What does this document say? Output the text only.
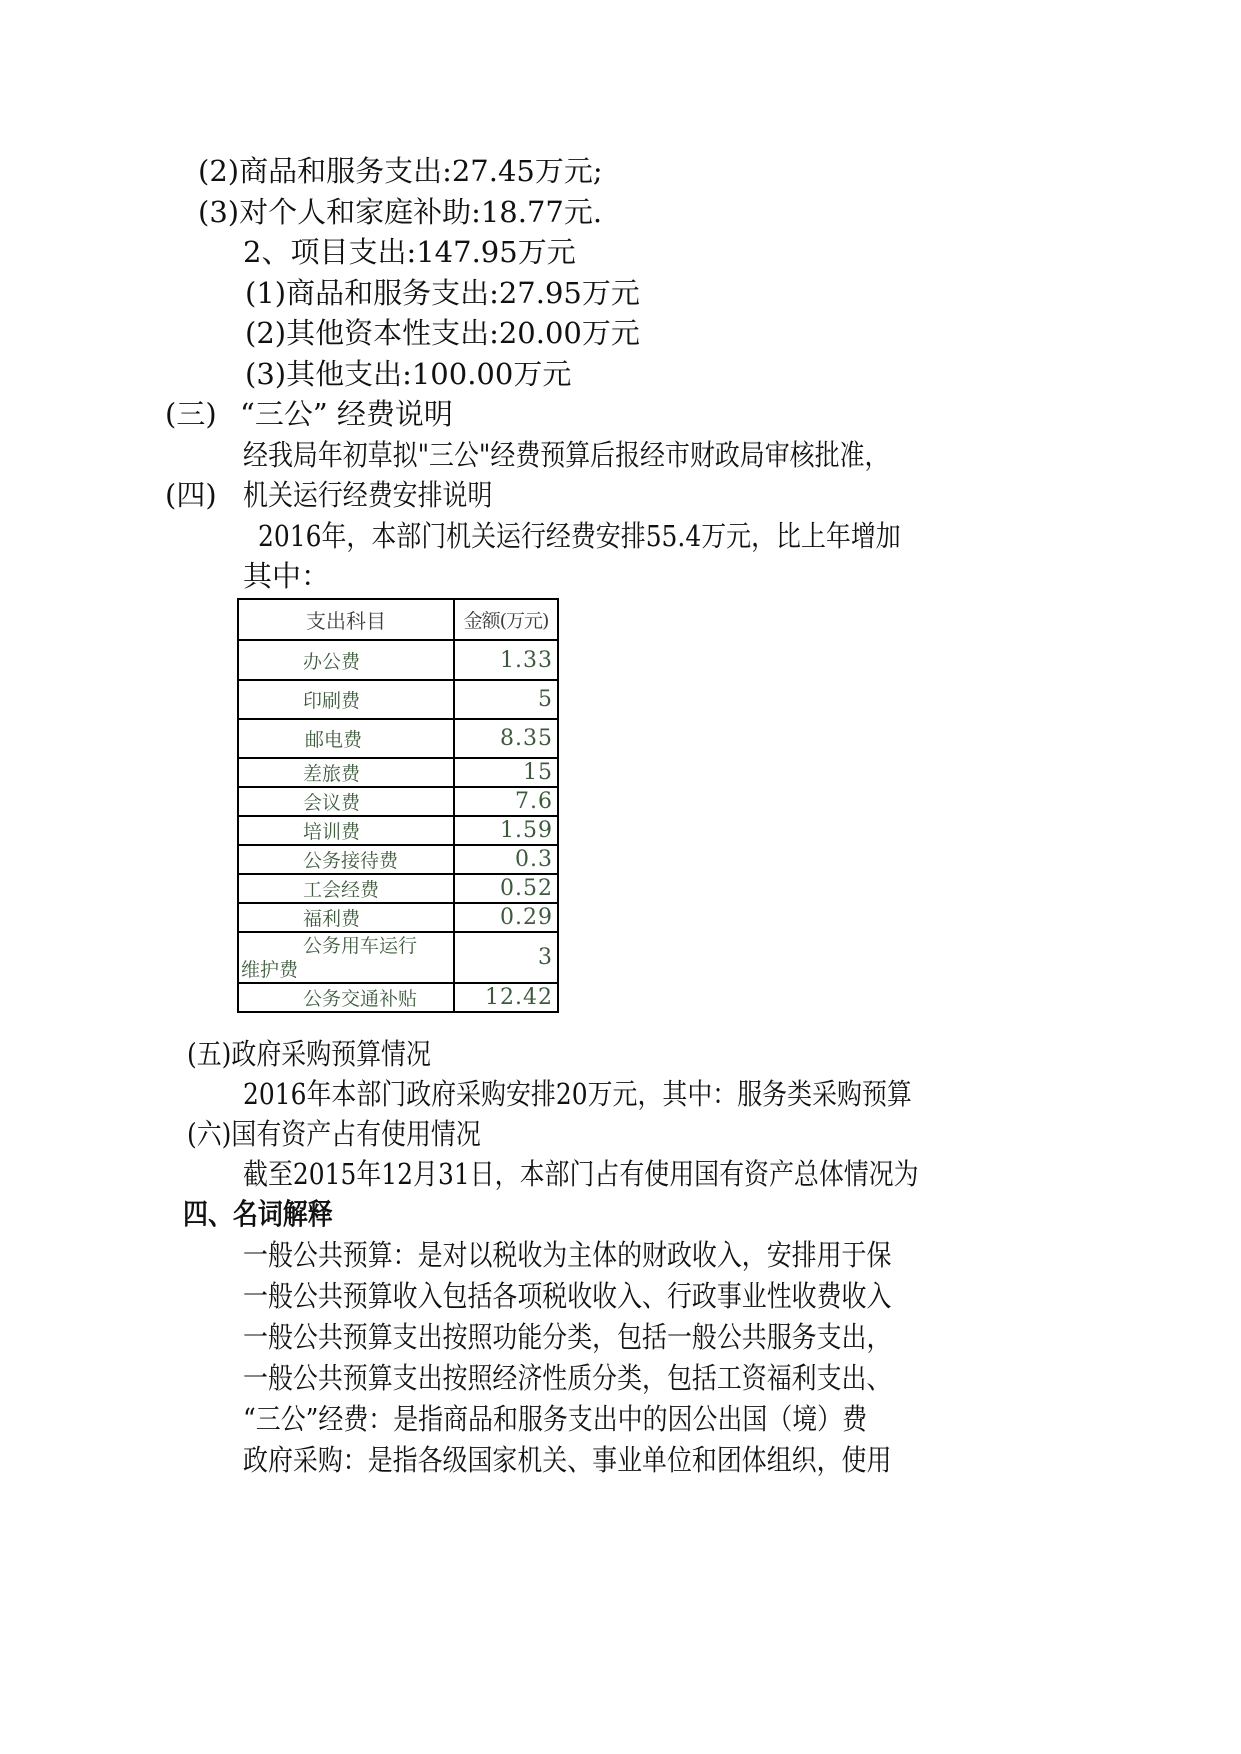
(2)商品和服务支出:27.45万元;
(3)对个人和家庭补助:18.77元.
2、项目支出:147.95万元
(1)商品和服务支出:27.95万元
(2)其他资本性支出:20.00万元
(3)其他支出:100.00万元
(三) “三公” 经费说明
经我局年初草拟"三公"经费预算后报经市财政局审核批准，
(四) 机关运行经费安排说明
2016年，本部门机关运行经费安排55.4万元，比上年增加
其中：
支出科目	金额(万元)
办公费	1.33
印刷费	5
邮电费	8.35
差旅费	15
会议费	7.6
培训费	1.59
公务接待费	0.3
工会经费	0.52
福利费	0.29
公务用车运行
维护费	3
公务交通补贴	12.42
(五)政府采购预算情况
2016年本部门政府采购安排20万元，其中：服务类采购预算
(六)国有资产占有使用情况
截至2015年12月31日，本部门占有使用国有资产总体情况为
四、名词解释
一般公共预算：是对以税收为主体的财政收入，安排用于保
一般公共预算收入包括各项税收收入、行政事业性收费收入
一般公共预算支出按照功能分类，包括一般公共服务支出，
一般公共预算支出按照经济性质分类，包括工资福利支出、
“三公”经费：是指商品和服务支出中的因公出国（境）费
政府采购：是指各级国家机关、事业单位和团体组织，使用
